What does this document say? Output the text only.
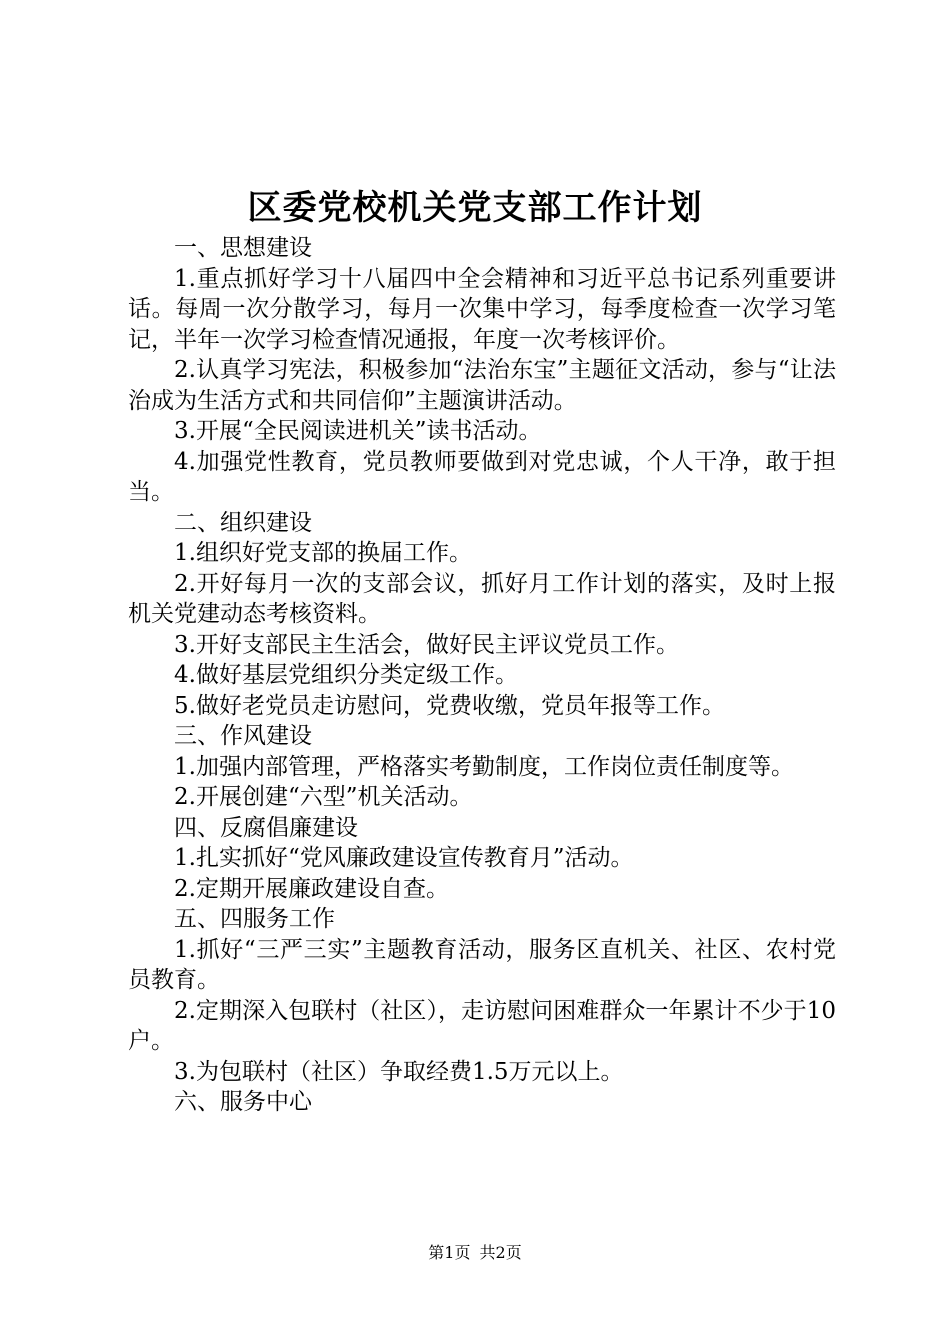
区委党校机关党支部工作计划

一、思想建设

1.重点抓好学习十八届四中全会精神和习近平总书记系列重要讲话。每周一次分散学习，每月一次集中学习，每季度检查一次学习笔记，半年一次学习检查情况通报，年度一次考核评价。

2.认真学习宪法，积极参加“法治东宝”主题征文活动，参与“让法治成为生活方式和共同信仰”主题演讲活动。

3.开展“全民阅读进机关”读书活动。

4.加强党性教育，党员教师要做到对党忠诚，个人干净，敢于担当。

二、组织建设

1.组织好党支部的换届工作。

2.开好每月一次的支部会议，抓好月工作计划的落实，及时上报机关党建动态考核资料。

3.开好支部民主生活会，做好民主评议党员工作。

4.做好基层党组织分类定级工作。

5.做好老党员走访慰问，党费收缴，党员年报等工作。

三、作风建设

1.加强内部管理，严格落实考勤制度，工作岗位责任制度等。

2.开展创建“六型”机关活动。

四、反腐倡廉建设

1.扎实抓好“党风廉政建设宣传教育月”活动。

2.定期开展廉政建设自查。

五、四服务工作

1.抓好“三严三实”主题教育活动，服务区直机关、社区、农村党员教育。

2.定期深入包联村（社区），走访慰问困难群众一年累计不少于10户。

3.为包联村（社区）争取经费1.5万元以上。

六、服务中心

第1页 共2页
